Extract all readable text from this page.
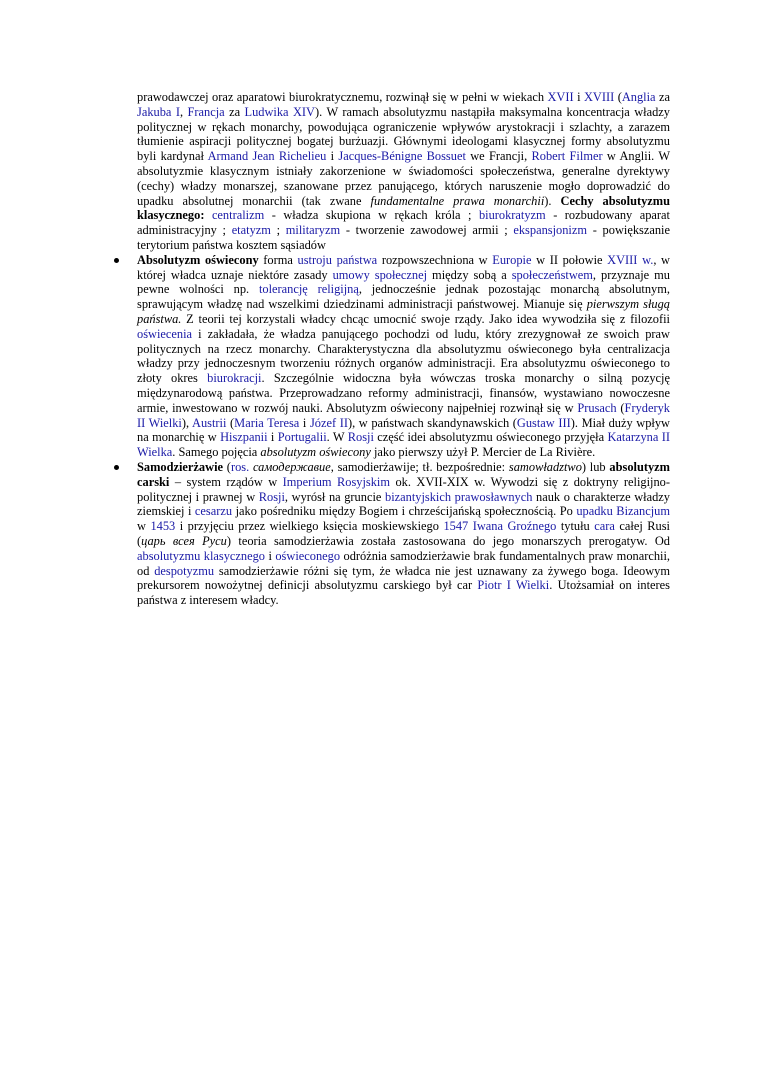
prawodawczej oraz aparatowi biurokratycznemu, rozwinął się w pełni w wiekach XVII i XVIII (Anglia za Jakuba I, Francja za Ludwika XIV). W ramach absolutyzmu nastąpiła maksymalna koncentracja władzy politycznej w rękach monarchy, powodująca ograniczenie wpływów arystokracji i szlachty, a zarazem tłumienie aspiracji politycznej bogatej burżuazji. Głównymi ideologami klasycznej formy absolutyzmu byli kardynał Armand Jean Richelieu i Jacques-Bénigne Bossuet we Francji, Robert Filmer w Anglii. W absolutyzmie klasycznym istniały zakorzenione w świadomości społeczeństwa, generalne dyrektywy (cechy) władzy monarszej, szanowane przez panującego, których naruszenie mogło doprowadzić do upadku absolutnej monarchii (tak zwane fundamentalne prawa monarchii). Cechy absolutyzmu klasycznego: centralizm - władza skupiona w rękach króla ; biurokratyzm - rozbudowany aparat administracyjny ; etatyzm ; militaryzm - tworzenie zawodowej armii ; ekspansjonizm - powiększanie terytorium państwa kosztem sąsiadów

Absolutyzm oświecony forma ustroju państwa rozpowszechniona w Europie w II połowie XVIII w., w której władca uznaje niektóre zasady umowy społecznej między sobą a społeczeństwem, przyznaje mu pewne wolności np. tolerancję religijną, jednocześnie jednak pozostając monarchą absolutnym, sprawującym władzę nad wszelkimi dziedzinami administracji państwowej. Mianuje się pierwszym sługą państwa. Z teorii tej korzystali władcy chcąc umocnić swoje rządy. Jako idea wywodziła się z filozofii oświecenia i zakładała, że władza panującego pochodzi od ludu, który zrezygnował ze swoich praw politycznych na rzecz monarchy. Charakterystyczna dla absolutyzmu oświeconego była centralizacja władzy przy jednoczesnym tworzeniu różnych organów administracji. Era absolutyzmu oświeconego to złoty okres biurokracji. Szczególnie widoczna była wówczas troska monarchy o silną pozycję międzynarodową państwa. Przeprowadzano reformy administracji, finansów, wystawiano nowoczesne armie, inwestowano w rozwój nauki. Absolutyzm oświecony najpełniej rozwinął się w Prusach (Fryderyk II Wielki), Austrii (Maria Teresa i Józef II), w państwach skandynawskich (Gustaw III). Miał duży wpływ na monarchię w Hiszpanii i Portugalii. W Rosji część idei absolutyzmu oświeconego przyjęła Katarzyna II Wielka. Samego pojęcia absolutyzm oświecony jako pierwszy użył P. Mercier de La Rivière.

Samodzierżawie (ros. самодержавие, samodierżawije; tł. bezpośrednie: samowładztwo) lub absolutyzm carski – system rządów w Imperium Rosyjskim ok. XVII-XIX w. Wywodzi się z doktryny religijno-politycznej i prawnej w Rosji, wyrósł na gruncie bizantyjskich prawosławnych nauk o charakterze władzy ziemskiej i cesarzu jako pośredniku między Bogiem i chrześcijańską społecznością. Po upadku Bizancjum w 1453 i przyjęciu przez wielkiego księcia moskiewskiego 1547 Iwana Groźnego tytułu cara całej Rusi (царь всея Руси) teoria samodzierżawia została zastosowana do jego monarszych prerogatyw. Od absolutyzmu klasycznego i oświeconego odróżnia samodzierżawie brak fundamentalnych praw monarchii, od despotyzmu samodzierżawie różni się tym, że władca nie jest uznawany za żywego boga. Ideowym prekursorem nowożytnej definicji absolutyzmu carskiego był car Piotr I Wielki. Utożsamiał on interes państwa z interesem władcy.
